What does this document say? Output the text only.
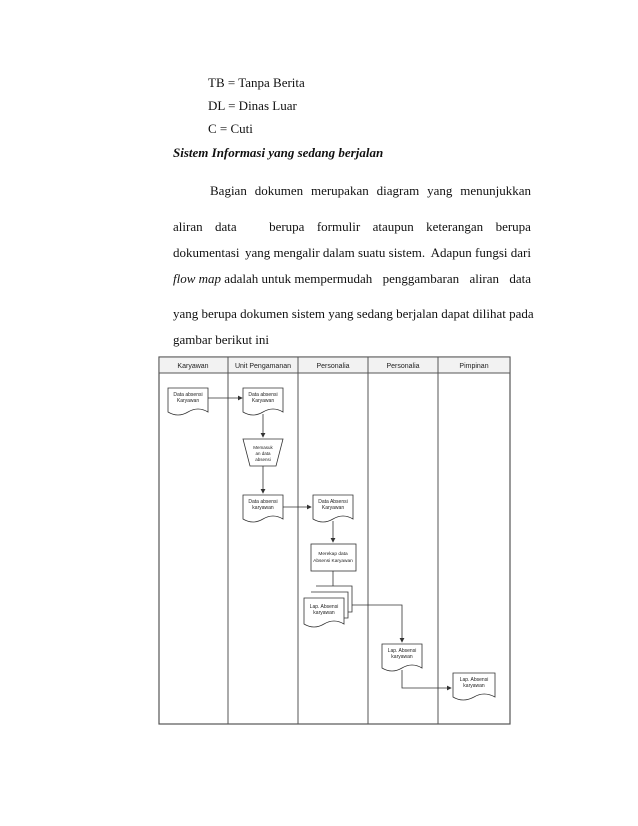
TB = Tanpa Berita
DL = Dinas Luar
C = Cuti
Sistem Informasi yang sedang berjalan
Bagian dokumen merupakan diagram yang menunjukkan
aliran data berupa formulir ataupun keterangan berupa
dokumentasi yang mengalir dalam suatu sistem. Adapun fungsi dari
flow map adalah untuk mempermudah penggambaran aliran data
yang berupa dokumen sistem yang sedang berjalan dapat dilihat pada
gambar berikut ini
Karyawan	Unit Pengamanan	Personalia	Personalia	Pimpinan
Data absensi
Karyawan
Data absensi
Karyawan
Memasuk
an data
absensi
Data absensi
karyawan
Data Absensi
Karyawan
Merekap data
Absensi Karyawan
Lap. Absensi
karyawan
Lap. Absensi
karyawan
Lap. Absensi
karyawan
